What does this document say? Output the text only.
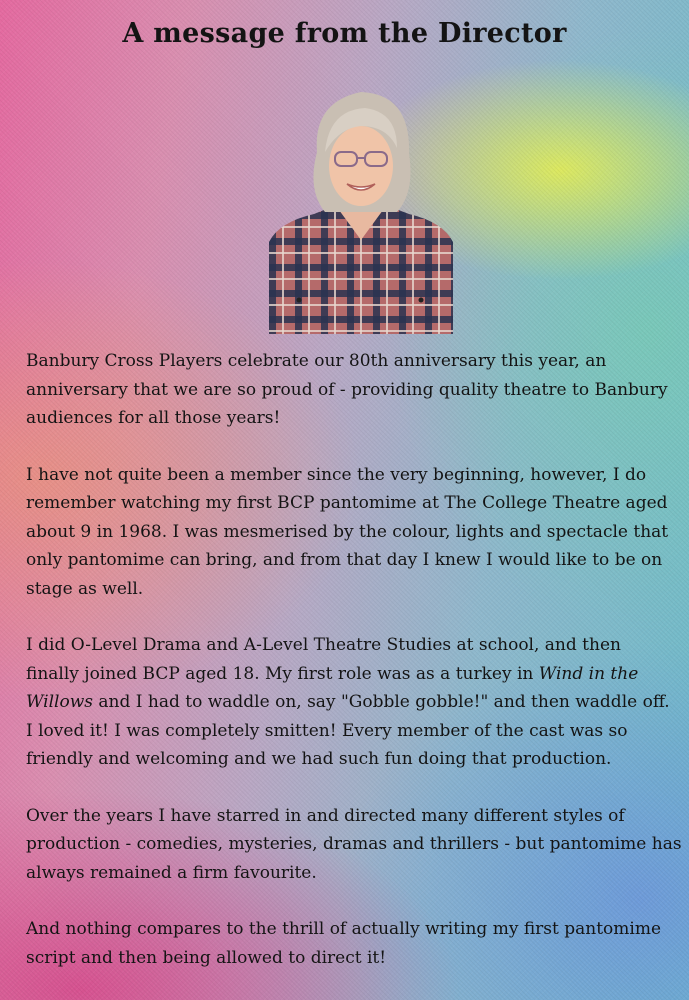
A message from the Director

Banbury Cross Players celebrate our 80th anniversary this year, an
anniversary that we are so proud of - providing quality theatre to Banbury
audiences for all those years!

I have not quite been a member since the very beginning, however, I do
remember watching my first BCP pantomime at The College Theatre aged
about 9 in 1968. I was mesmerised by the colour, lights and spectacle that
only pantomime can bring, and from that day I knew I would like to be on
stage as well.

I did O-Level Drama and A-Level Theatre Studies at school, and then
finally joined BCP aged 18. My first role was as a turkey in Wind in the
Willows and I had to waddle on, say "Gobble gobble!" and then waddle off.
I loved it! I was completely smitten! Every member of the cast was so
friendly and welcoming and we had such fun doing that production.

Over the years I have starred in and directed many different styles of
production - comedies, mysteries, dramas and thrillers - but pantomime has
always remained a firm favourite.

And nothing compares to the thrill of actually writing my first pantomime
script and then being allowed to direct it!
